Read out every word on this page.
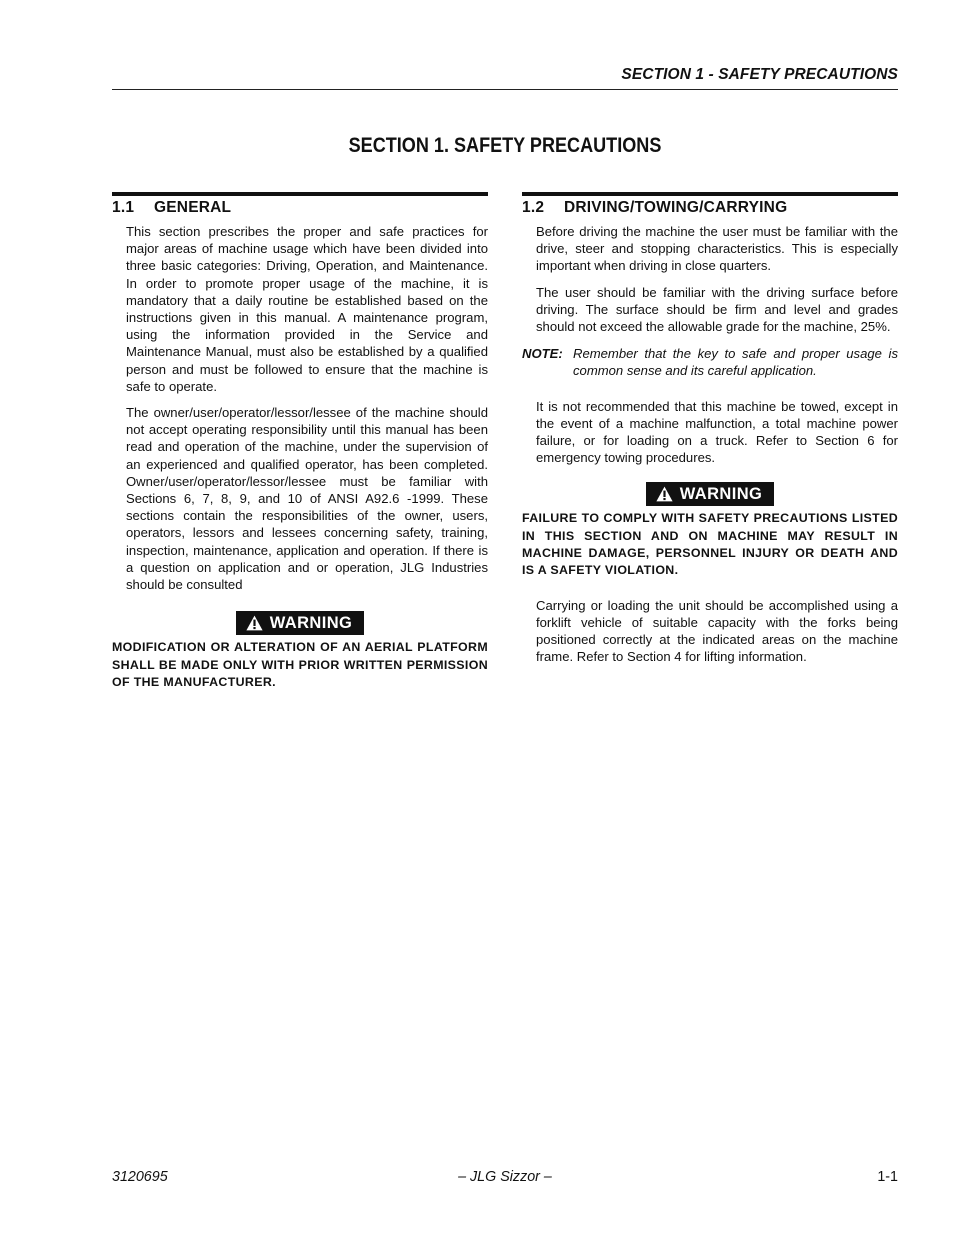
SECTION 1 - SAFETY PRECAUTIONS
SECTION 1. SAFETY PRECAUTIONS
1.1 GENERAL

This section prescribes the proper and safe practices for major areas of machine usage which have been divided into three basic categories: Driving, Operation, and Maintenance. In order to promote proper usage of the machine, it is mandatory that a daily routine be established based on the instructions given in this manual. A maintenance program, using the information provided in the Service and Maintenance Manual, must also be established by a qualified person and must be followed to ensure that the machine is safe to operate.

The owner/user/operator/lessor/lessee of the machine should not accept operating responsibility until this manual has been read and operation of the machine, under the supervision of an experienced and qualified operator, has been completed. Owner/user/operator/lessor/lessee must be familiar with Sections 6, 7, 8, 9, and 10 of ANSI A92.6 -1999. These sections contain the responsibilities of the owner, users, operators, lessors and lessees concerning safety, training, inspection, maintenance, application and operation. If there is a question on application and or operation, JLG Industries should be consulted

WARNING

MODIFICATION OR ALTERATION OF AN AERIAL PLATFORM SHALL BE MADE ONLY WITH PRIOR WRITTEN PERMISSION OF THE MANUFACTURER.

1.2 DRIVING/TOWING/CARRYING

Before driving the machine the user must be familiar with the drive, steer and stopping characteristics. This is especially important when driving in close quarters.

The user should be familiar with the driving surface before driving. The surface should be firm and level and grades should not exceed the allowable grade for the machine, 25%.

NOTE: Remember that the key to safe and proper usage is common sense and its careful application.

It is not recommended that this machine be towed, except in the event of a machine malfunction, a total machine power failure, or for loading on a truck. Refer to Section 6 for emergency towing procedures.

WARNING

FAILURE TO COMPLY WITH SAFETY PRECAUTIONS LISTED IN THIS SECTION AND ON MACHINE MAY RESULT IN MACHINE DAMAGE, PERSONNEL INJURY OR DEATH AND IS A SAFETY VIOLATION.

Carrying or loading the unit should be accomplished using a forklift vehicle of suitable capacity with the forks being positioned correctly at the indicated areas on the machine frame. Refer to Section 4 for lifting information.

3120695	– JLG Sizzor –	1-1
